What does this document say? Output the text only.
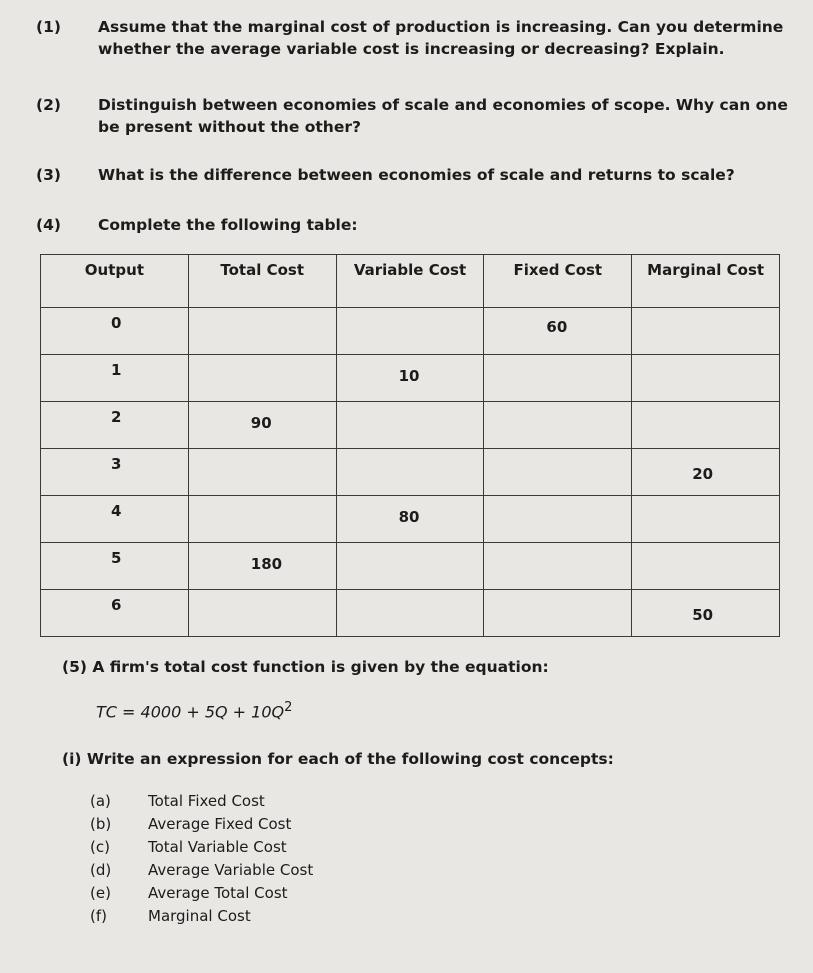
(1) Assume that the marginal cost of production is increasing. Can you determine whether the average variable cost is increasing or decreasing? Explain.
(2) Distinguish between economies of scale and economies of scope. Why can one be present without the other?
(3) What is the difference between economies of scale and returns to scale?
(4) Complete the following table:
Output	Total Cost	Variable Cost	Fixed Cost	Marginal Cost

0			60	

1		10		

2	90			

3				20

4		80		

5	180			

6				50
(5) A firm's total cost function is given by the equation:
TC = $4000 + 5Q + 10Q^2$
(i) Write an expression for each of the following cost concepts:
(a) Total Fixed Cost
(b) Average Fixed Cost
(c)	Total Variable Cost
(d) Average Variable Cost
(e) Average Total Cost
(f)	Marginal Cost
